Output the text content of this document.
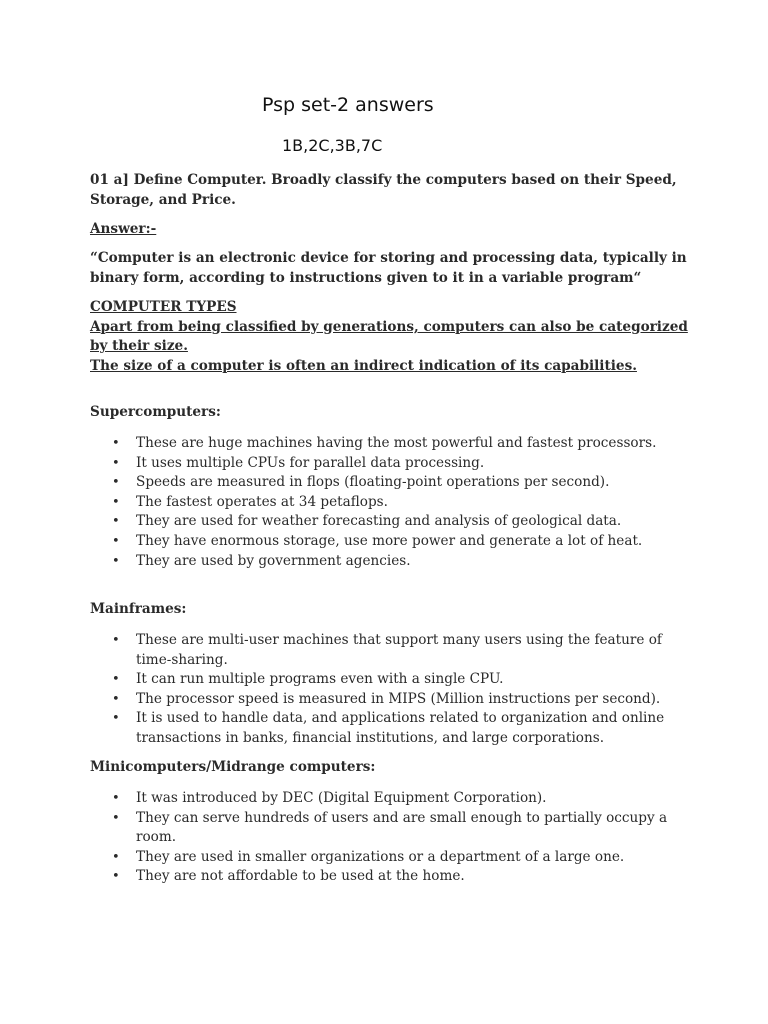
Psp set-2 answers
1B,2C,3B,7C
01 a] Define Computer. Broadly classify the computers based on their Speed, Storage, and Price.
Answer:-
“Computer is an electronic device for storing and processing data, typically in binary form, according to instructions given to it in a variable program“
COMPUTER TYPES
Apart from being classified by generations, computers can also be categorized by their size.
The size of a computer is often an indirect indication of its capabilities.
Supercomputers:
• These are huge machines having the most powerful and fastest processors.
• It uses multiple CPUs for parallel data processing.
• Speeds are measured in flops (floating-point operations per second).
• The fastest operates at 34 petaflops.
• They are used for weather forecasting and analysis of geological data.
• They have enormous storage, use more power and generate a lot of heat.
• They are used by government agencies.
Mainframes:
• These are multi-user machines that support many users using the feature of time-sharing.
• It can run multiple programs even with a single CPU.
• The processor speed is measured in MIPS (Million instructions per second).
• It is used to handle data, and applications related to organization and online transactions in banks, financial institutions, and large corporations.
Minicomputers/Midrange computers:
• It was introduced by DEC (Digital Equipment Corporation).
• They can serve hundreds of users and are small enough to partially occupy a room.
• They are used in smaller organizations or a department of a large one.
• They are not affordable to be used at the home.
